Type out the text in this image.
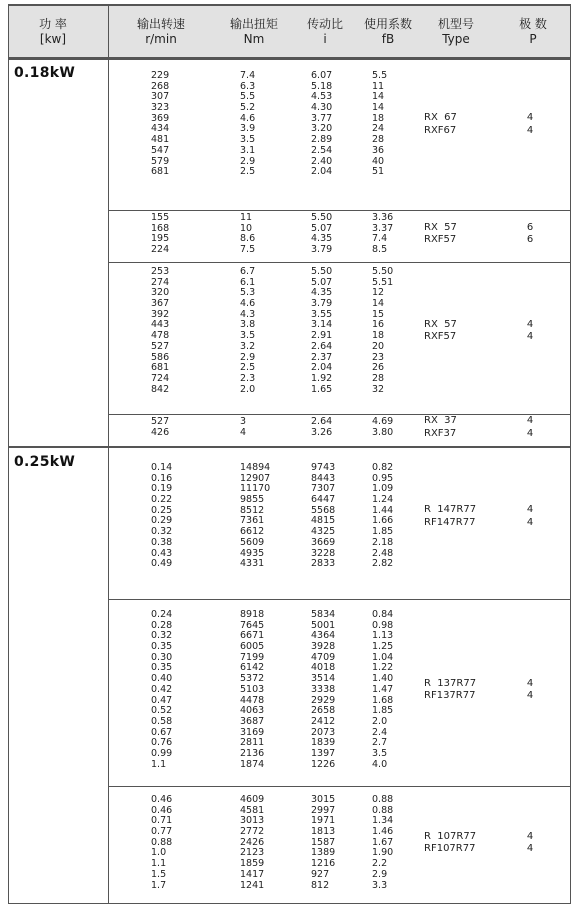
功 率
[kw]
输出转速
r/min
输出扭矩
Nm
传动比
i
使用系数
fB
机型号
Type
极 数
P
0.18kW	229
268
307
323
369
434
481
547
579
681
7.4
6.3
5.5
5.2
4.6
3.9
3.5
3.1
2.9
2.5
6.07
5.18
4.53
4.30
3.77
3.20
2.89
2.54
2.40
2.04
5.5
11
14
14
18
24
28
36
40
51
RX  67
RXF67
4
4
155
168
195
224
11
10
8.6
7.5
5.50
5.07
4.35
3.79
3.36
3.37
7.4
8.5
RX  57
RXF57
6
6
253
274
320
367
392
443
478
527
586
681
724
842
6.7
6.1
5.3
4.6
4.3
3.8
3.5
3.2
2.9
2.5
2.3
2.0
5.50
5.07
4.35
3.79
3.55
3.14
2.91
2.64
2.37
2.04
1.92
1.65
5.50
5.51
12
14
15
16
18
20
23
26
28
32
RX  57
RXF57
4
4
527
426
3
4
2.64
3.26
4.69
3.80
RX  37
RXF37
4
4
0.25kW	0.14
0.16
0.19
0.22
0.25
0.29
0.32
0.38
0.43
0.49
14894
12907
11170
9855
8512
7361
6612
5609
4935
4331
9743
8443
7307
6447
5568
4815
4325
3669
3228
2833
0.82
0.95
1.09
1.24
1.44
1.66
1.85
2.18
2.48
2.82
R  147R77
RF147R77
4
4
0.24
0.28
0.32
0.35
0.30
0.35
0.40
0.42
0.47
0.52
0.58
0.67
0.76
0.99
1.1
8918
7645
6671
6005
7199
6142
5372
5103
4478
4063
3687
3169
2811
2136
1874
5834
5001
4364
3928
4709
4018
3514
3338
2929
2658
2412
2073
1839
1397
1226
0.84
0.98
1.13
1.25
1.04
1.22
1.40
1.47
1.68
1.85
2.0
2.4
2.7
3.5
4.0
R  137R77
RF137R77
4
4
0.46
0.46
0.71
0.77
0.88
1.0
1.1
1.5
1.7
4609
4581
3013
2772
2426
2123
1859
1417
1241
3015
2997
1971
1813
1587
1389
1216
927
812
0.88
0.88
1.34
1.46
1.67
1.90
2.2
2.9
3.3
R  107R77
RF107R77
4
4
